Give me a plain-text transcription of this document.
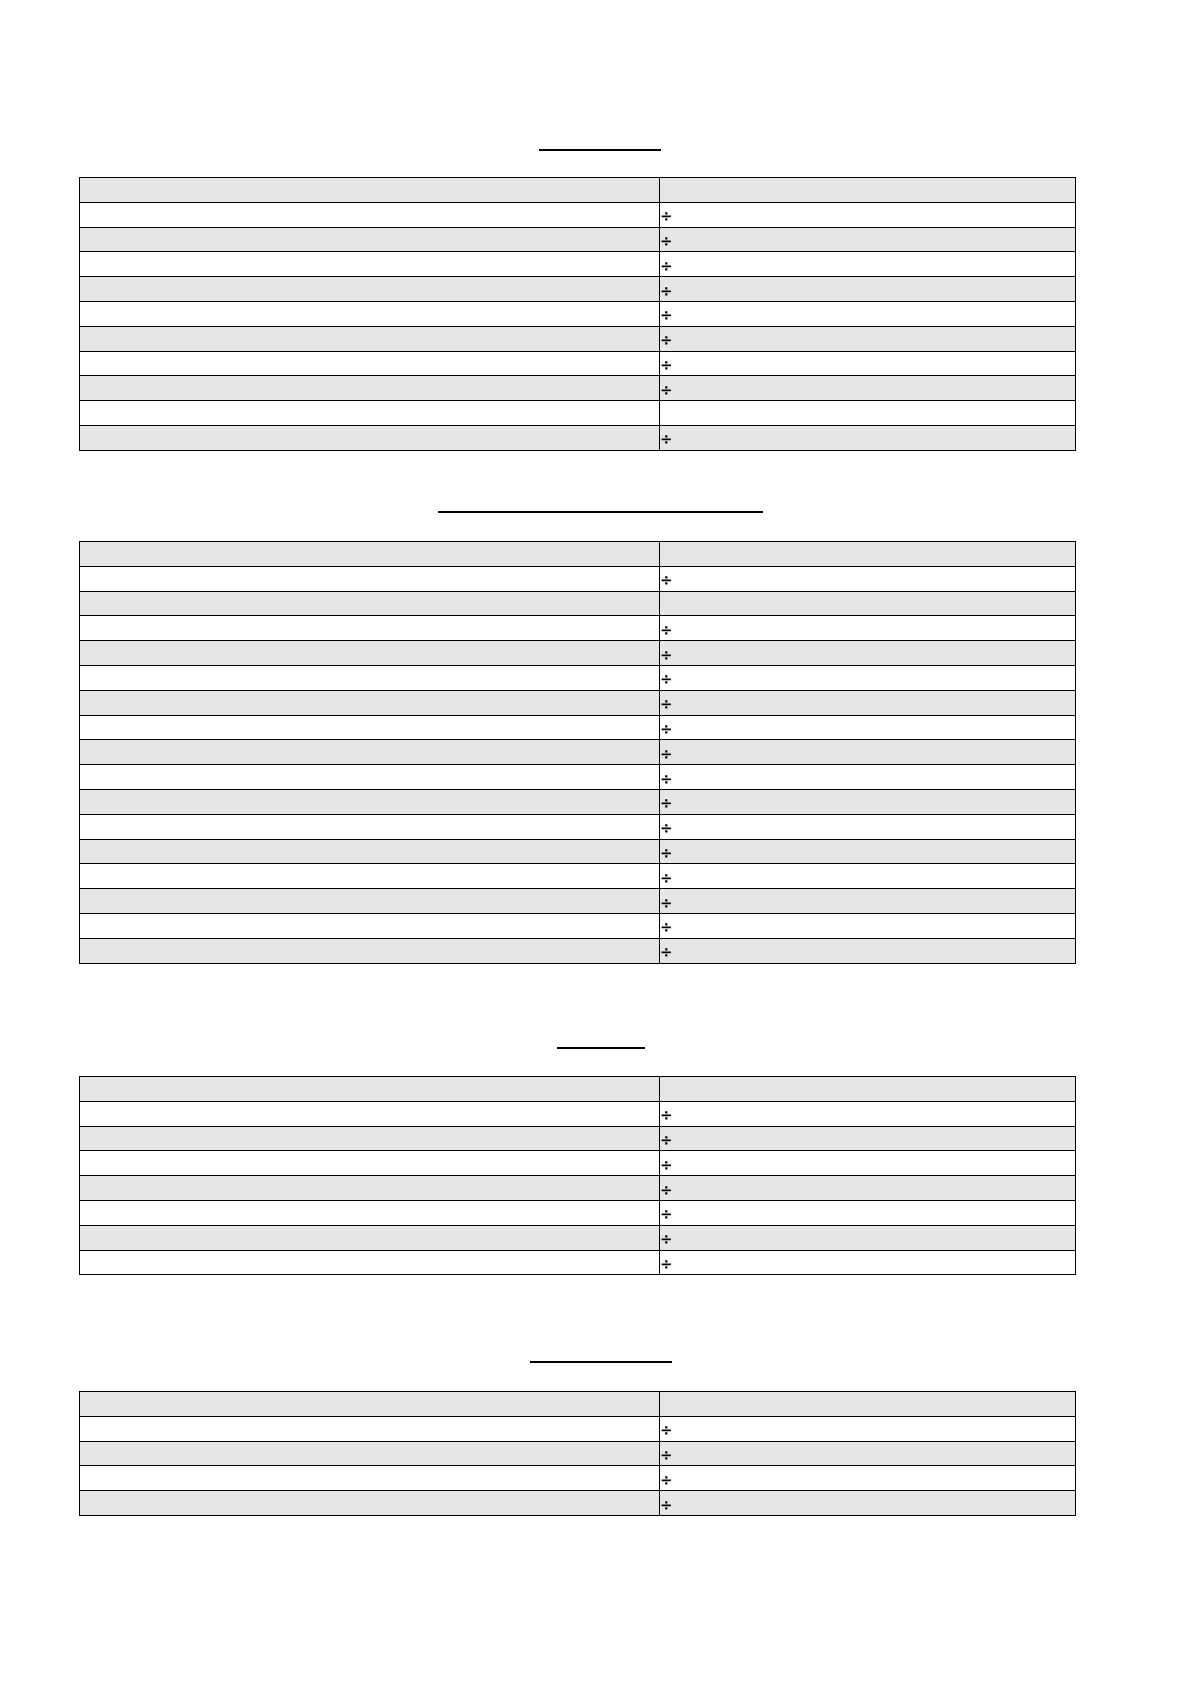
	÷
	÷
	÷
	÷
	÷
	÷
	÷
	÷

	÷

	÷

	÷
	÷
	÷
	÷
	÷
	÷
	÷
	÷
	÷
	÷
	÷
	÷
	÷
	÷

	÷
	÷
	÷
	÷
	÷
	÷
	÷

	÷
	÷
	÷
	÷
